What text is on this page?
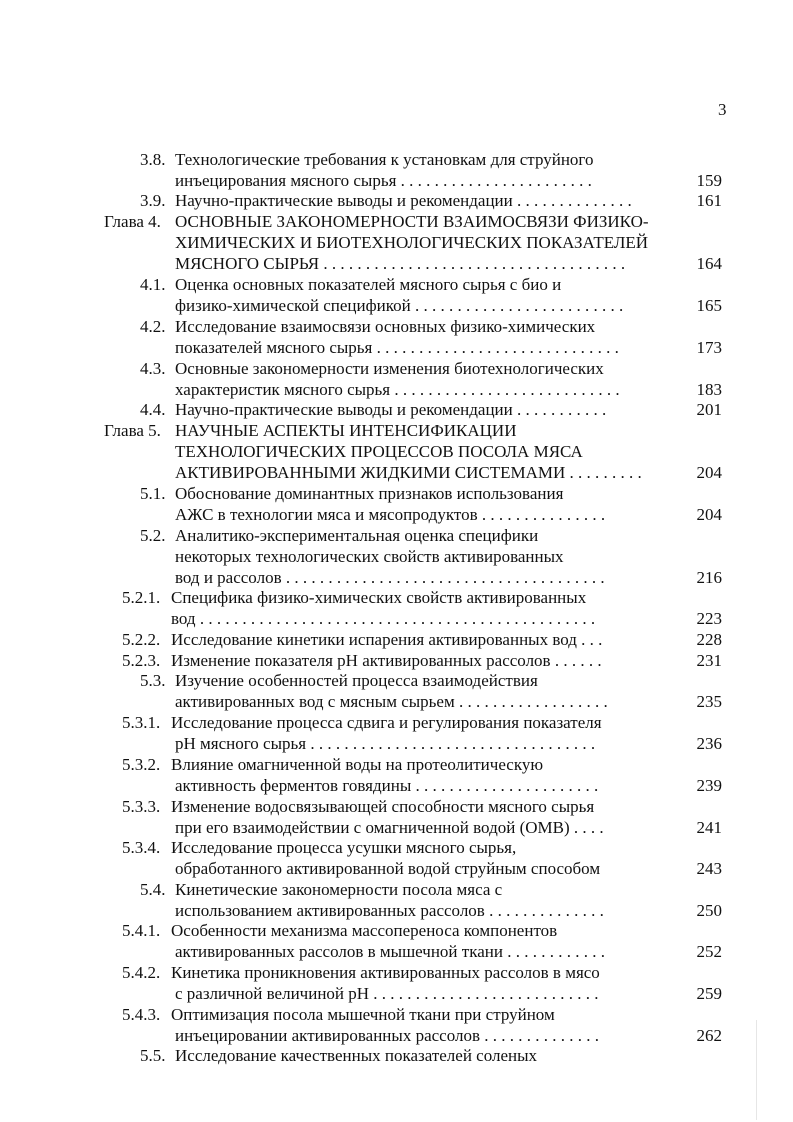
3
3.8. Технологические требования к установкам для струйного
инъецирования мясного сырья . . . . . . . . . . . . . . . . . . . . . . .	159
3.9. Научно-практические выводы и рекомендации . . . . . . . . . . . . . .	161
Глава 4. ОСНОВНЫЕ ЗАКОНОМЕРНОСТИ ВЗАИМОСВЯЗИ ФИЗИКО-
ХИМИЧЕСКИХ И БИОТЕХНОЛОГИЧЕСКИХ ПОКАЗАТЕЛЕЙ
МЯСНОГО СЫРЬЯ . . . . . . . . . . . . . . . . . . . . . . . . . . . . . . . . . . . .	164
4.1. Оценка основных показателей мясного сырья с био и
физико-химической спецификой . . . . . . . . . . . . . . . . . . . . . . . . .	165
4.2. Исследование взаимосвязи основных физико-химических
показателей мясного сырья . . . . . . . . . . . . . . . . . . . . . . . . . . . . .	173
4.3. Основные закономерности изменения биотехнологических
характеристик мясного сырья . . . . . . . . . . . . . . . . . . . . . . . . . . .	183
4.4. Научно-практические выводы и рекомендации . . . . . . . . . . .	201
Глава 5. НАУЧНЫЕ АСПЕКТЫ ИНТЕНСИФИКАЦИИ
ТЕХНОЛОГИЧЕСКИХ ПРОЦЕССОВ ПОСОЛА МЯСА
АКТИВИРОВАННЫМИ ЖИДКИМИ СИСТЕМАМИ . . . . . . . . .	204
5.1. Обоснование доминантных признаков использования
АЖС в технологии мяса и мясопродуктов . . . . . . . . . . . . . . .	204
5.2. Аналитико-экспериментальная оценка специфики
некоторых технологических свойств активированных
вод и рассолов . . . . . . . . . . . . . . . . . . . . . . . . . . . . . . . . . . . . . .	216
5.2.1. Специфика физико-химических свойств активированных
вод . . . . . . . . . . . . . . . . . . . . . . . . . . . . . . . . . . . . . . . . . . . . . . .	223
5.2.2. Исследование кинетики испарения активированных вод . . .	228
5.2.3. Изменение показателя pH активированных рассолов . . . . . .	231
5.3. Изучение особенностей процесса взаимодействия
активированных вод с мясным сырьем . . . . . . . . . . . . . . . . . .	235
5.3.1. Исследование процесса сдвига и регулирования показателя
pH мясного сырья . . . . . . . . . . . . . . . . . . . . . . . . . . . . . . . . . .	236
5.3.2. Влияние омагниченной воды на протеолитическую
активность ферментов говядины . . . . . . . . . . . . . . . . . . . . . .	239
5.3.3. Изменение водосвязывающей способности мясного сырья
при его взаимодействии с омагниченной водой (ОМВ) . . . .	241
5.3.4. Исследование процесса усушки мясного сырья,
обработанного активированной водой струйным способом	243
5.4. Кинетические закономерности посола мяса с
использованием активированных рассолов . . . . . . . . . . . . . .	250
5.4.1. Особенности механизма массопереноса компонентов
активированных рассолов в мышечной ткани . . . . . . . . . . . .	252
5.4.2. Кинетика проникновения активированных рассолов в мясо
с различной величиной pH . . . . . . . . . . . . . . . . . . . . . . . . . . .	259
5.4.3. Оптимизация посола мышечной ткани при струйном
инъецировании активированных рассолов . . . . . . . . . . . . . .	262
5.5. Исследование качественных показателей соленых
